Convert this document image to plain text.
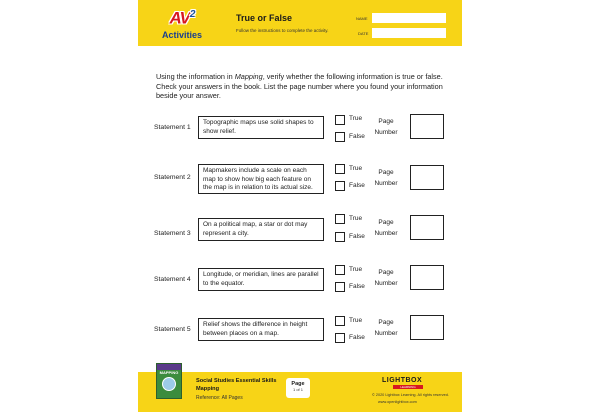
$AV^2$
Activities
True or False
Follow the instructions to complete the activity.
NAME
DATE
Using the information in Mapping, verify whether the following information is true or false. Check your answers in the book. List the page number where you found your information beside your answer.
Statement 1
Topographic maps use solid shapes to show relief.
True
False
Page Number
Statement 2
Mapmakers include a scale on each map to show how big each feature on the map is in relation to its actual size.
True
False
Page Number
Statement 3
On a political map, a star or dot may represent a city.
True
False
Page Number
Statement 4
Longitude, or meridian, lines are parallel to the equator.
True
False
Page Number
Statement 5
Relief shows the difference in height between places on a map.
True
False
Page Number
MAPPING
Social Studies Essential Skills
Mapping
Reference: All Pages
Page
1 of 1
LIGHTBOX
LEARNING
© 2020 Lightbox Learning. All rights reserved.
www.openlightbox.com
